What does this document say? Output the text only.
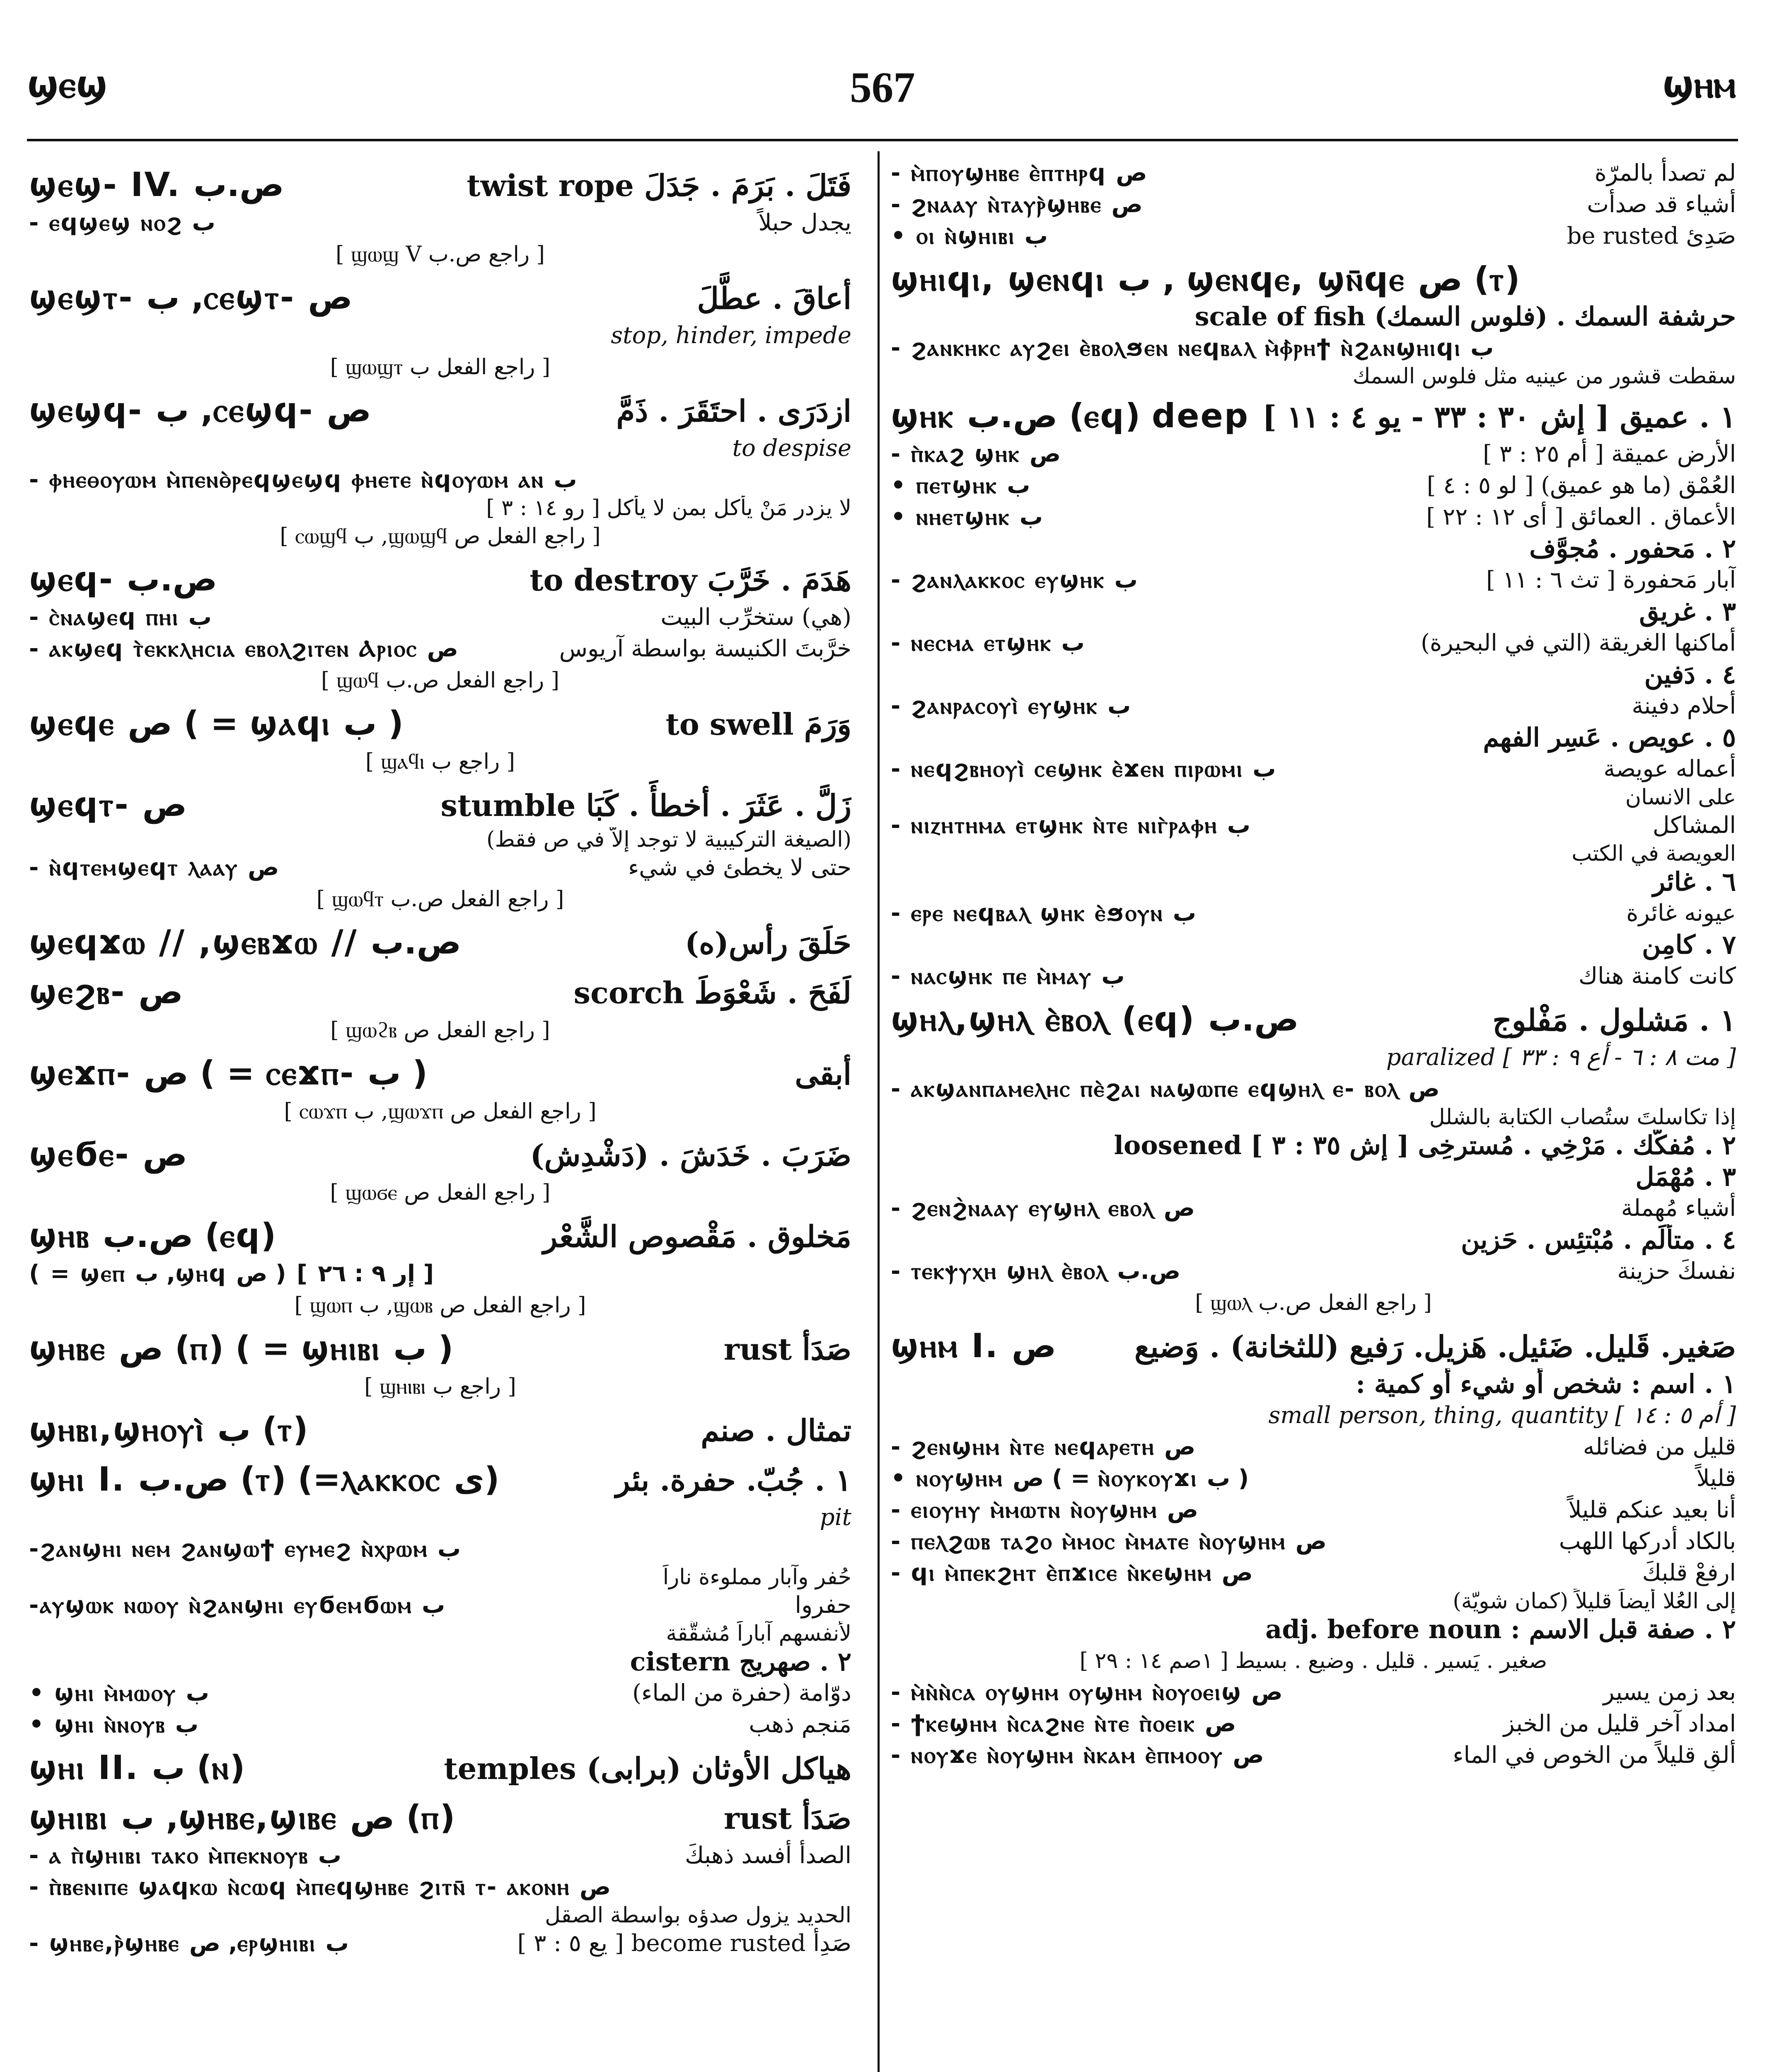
567
ϣⲉϣ	ϣⲏⲙ
ϣⲉϣ- IV. ص.ب	فَتَلَ . بَرَمَ . جَدَلَ twist rope
- ⲉϥϣⲉϣ ⲛⲟϩ ب	يجدل حبلاً
[ راجع ص.ب ϣⲱϣ V ]
ϣⲉϣⲧ- ب ,ⲥⲉϣⲧ- ص	أعاقَ . عطَّلَ
stop, hinder, impede
[ راجع الفعل ب ϣⲱϣⲧ ]
ϣⲉϣϥ- ب ,ⲥⲉϣϥ- ص	ازدَرَى . احتَقَرَ . ذَمَّ
to despise
- ⲫⲏⲉⲑⲟⲩⲱⲙ ⲙ̀ⲡⲉⲛⲑ̀ⲣⲉϥϣⲉϣϥ ⲫⲏⲉⲧⲉ ⲛ̀ϥⲟⲩⲱⲙ ⲁⲛ ب
لا يزدرِ مَنْ يأكل بمن لا يأكل [ رو ١٤ : ٣ ]
[ راجع الفعل ص ϣⲱϣϥ, ب ⲥⲱϣϥ ]
ϣⲉϥ- ص.ب	هَدَمَ . خَرَّبَ to destroy
- ⲥ̀ⲛⲁϣⲉϥ ⲡⲏⲓ ب	(هي) ستخرِّب البيت
- ⲁⲕϣⲉϥ ⲧ̀ⲉⲕⲕⲗⲏⲥⲓⲁ ⲉⲃⲟⲗϩⲓⲧⲉⲛ Ⲁⲣⲓⲟⲥ ص	خرَّبتَ الكنيسة بواسطة آريوس
[ راجع الفعل ص.ب ϣⲱϥ ]
ϣⲉϥⲉ ص ( = ϣⲁϥⲓ ب )	وَرَمَ to swell
[ راجع ب ϣⲁϥⲓ ]
ϣⲉϥⲧ- ص	زَلَّ . عَثَرَ . أخطأَ . كَبَا stumble
(الصيغة التركيبية لا توجد إلاّ في ص فقط)
- ⲛ̀ϥⲧⲉⲙϣⲉϥⲧ ⲗⲁⲁⲩ ص	حتى لا يخطئ في شيء
[ راجع الفعل ص.ب ϣⲱϥⲧ ]
ϣⲉϥϫⲱ // ,ϣⲉⲃϫⲱ // ص.ب	حَلَقَ رأس(ه)
ϣⲉϩⲃ- ص	لَفَحَ . شَعْوَطَ scorch
[ راجع الفعل ص ϣⲱϩⲃ ]
ϣⲉϫⲡ- ص ( = ⲥⲉϫⲡ- ب )	أبقى
[ راجع الفعل ص ϣⲱϫⲡ, ب ⲥⲱϫⲡ ]
ϣⲉϭⲉ- ص	ضَرَبَ . خَدَشَ . (دَشْدِش)
[ راجع الفعل ص ϣⲱϭⲉ ]
ϣⲏⲃ ص.ب (ⲉϥ)	مَخلوق . مَقْصوص الشَّعْر
( = ϣⲉⲡ ب ,ϣⲏϥ ص ) [ إر ٩ : ٢٦ ]
[ راجع الفعل ص ϣⲱⲃ, ب ϣⲱⲡ ]
ϣⲏⲃⲉ ص (ⲡ) ( = ϣⲏⲓⲃⲓ ب )	صَدَأ rust
[ راجع ب ϣⲏⲓⲃⲓ ]
ϣⲏⲃⲓ,ϣⲏⲟⲩⲓ̀ ب (ⲧ)	تمثال . صنم
ϣⲏⲓ I. ص.ب (ⲧ) (=ⲗⲁⲕⲕⲟⲥ ى)	١ . جُبّ. حفرة. بئر
pit
-ϩⲁⲛϣⲏⲓ ⲛⲉⲙ ϩⲁⲛϣⲱϯ ⲉⲩⲙⲉϩ ⲛ̀ⲭⲣⲱⲙ ب
حُفر وآبار مملوءة ناراً
-ⲁⲩϣⲱⲕ ⲛⲱⲟⲩ ⲛ̀ϩⲁⲛϣⲏⲓ ⲉⲩϭⲉⲙϭⲱⲙ ب	حفروا
لأنفسهم آباراً مُشقَّقة
٢ . صهريج cistern
• ϣⲏⲓ ⲙ̀ⲙⲱⲟⲩ ب	دوّامة (حفرة من الماء)
• ϣⲏⲓ ⲛ̀ⲛⲟⲩⲃ ب	مَنجم ذهب
ϣⲏⲓ II. ب (ⲛ)	هياكل الأوثان (برابى) temples
ϣⲏⲓⲃⲓ ب ,ϣⲏⲃⲉ,ϣⲓⲃⲉ ص (ⲡ)	صَدَأ rust
- ⲁ ⲡ̀ϣⲏⲓⲃⲓ ⲧⲁⲕⲟ ⲙ̀ⲡⲉⲕⲛⲟⲩⲃ ب	الصدأ أفسد ذهبكَ
- ⲡ̀ⲃⲉⲛⲓⲡⲉ ϣⲁϥⲕⲱ ⲛ̀ⲥⲱϥ ⲙ̀ⲡⲉϥϣⲏⲃⲉ ϩⲓⲧⲛ̄ ⲧ- ⲁⲕⲟⲛⲏ ص
الحديد يزول صدؤه بواسطة الصقل
- ϣⲏⲃⲉ,ⲣ̀ϣⲏⲃⲉ ص ,ⲉⲣϣⲏⲓⲃⲓ ب	صَدِأ become rusted [ يع ٥ : ٣ ]
- ⲙ̀ⲡⲟⲩϣⲏⲃⲉ ⲉ̀ⲡⲧⲏⲣϥ ص	لم تصدأ بالمرّة
- ϩⲛⲁⲁⲩ ⲛ̀ⲧⲁⲩⲣ̀ϣⲏⲃⲉ ص	أشياء قد صدأت
• ⲟⲓ ⲛ̀ϣⲏⲓⲃⲓ ب	صَدِئ be rusted
ϣⲏⲓϥⲓ, ϣⲉⲛϥⲓ ب , ϣⲉⲛϥⲉ, ϣⲛ̄ϥⲉ ص (ⲧ)
حرشفة السمك . (فلوس السمك) scale of fish
- ϩⲁⲛⲕⲏⲕⲥ ⲁⲩϩⲉⲓ ⲉ̀ⲃⲟⲗϧⲉⲛ ⲛⲉϥⲃⲁⲗ ⲙ̀ⲫ̀ⲣⲏϯ ⲛ̀ϩⲁⲛϣⲏⲓϥⲓ ب
سقطت قشور من عينيه مثل فلوس السمك
ϣⲏⲕ ص.ب (ⲉϥ) deep ١ . عميق [ إش ٣٠ : ٣٣ - يو ٤ : ١١ ]
- ⲡ̀ⲕⲁϩ ϣⲏⲕ ص	الأرض عميقة [ أم ٢٥ : ٣ ]
• ⲡⲉⲧϣⲏⲕ ب	العُمْق (ما هو عميق) [ لو ٥ : ٤ ]
• ⲛⲏⲉⲧϣⲏⲕ ب	الأعماق . العمائق [ أى ١٢ : ٢٢ ]
٢ . مَحفور . مُجوَّف
- ϩⲁⲛⲗⲁⲕⲕⲟⲥ ⲉⲩϣⲏⲕ ب	آبار مَحفورة [ تث ٦ : ١١ ]
٣ . غريق
- ⲛⲉⲥⲙⲁ ⲉⲧϣⲏⲕ ب	أماكنها الغريقة (التي في البحيرة)
٤ . دَفين
- ϩⲁⲛⲣⲁⲥⲟⲩⲓ̀ ⲉⲩϣⲏⲕ ب	أحلام دفينة
٥ . عويص . عَسِر الفهم
- ⲛⲉϥϩⲃⲏⲟⲩⲓ̀ ⲥⲉϣⲏⲕ ⲉ̀ϫⲉⲛ ⲡⲓⲣⲱⲙⲓ ب	أعماله عويصة
على الانسان
- ⲛⲓⲍⲏⲧⲏⲙⲁ ⲉⲧϣⲏⲕ ⲛ̀ⲧⲉ ⲛⲓⲅ̀ⲣⲁⲫⲏ ب	المشاكل
العويصة في الكتب
٦ . غائر
- ⲉⲣⲉ ⲛⲉϥⲃⲁⲗ ϣⲏⲕ ⲉ̀ϧⲟⲩⲛ ب	عيونه غائرة
٧ . كامِن
- ⲛⲁⲥϣⲏⲕ ⲡⲉ ⲙ̀ⲙⲁⲩ ب	كانت كامنة هناك
ϣⲏⲗ,ϣⲏⲗ ⲉ̀ⲃⲟⲗ (ⲉϥ) ص.ب	١ . مَشلول . مَفْلوج
paralized [ مت ٨ : ٦ - أع ٩ : ٣٣ ]
- ⲁⲕϣⲁⲛⲡⲁⲙⲉⲗⲏⲥ ⲡⲉ̀ϩⲁⲓ ⲛⲁϣⲱⲡⲉ ⲉϥϣⲏⲗ ⲉ- ⲃⲟⲗ ص
إذا تكاسلتَ ستُصاب الكتابة بالشلل
٢ . مُفكَّك . مَرْخِي . مُسترخِى [ إش ٣٥ : ٣ ] loosened
٣ . مُهْمَل
- ϩⲉⲛϩ̀ⲛⲁⲁⲩ ⲉⲩϣⲏⲗ ⲉⲃⲟⲗ ص	أشياء مُهملة
٤ . متألِّم . مُبْتئِس . حَزين
- ⲧⲉⲕⲯⲩⲭⲏ ϣⲏⲗ ⲉ̀ⲃⲟⲗ ص.ب	نفسكَ حزينة
[ راجع الفعل ص.ب ϣⲱⲗ ]
ϣⲏⲙ I. ص	صَغير. قَليل. ضَئيل. هَزيل. رَفيع (للثخانة) . وَضيع
١ . اسم : شخص أو شيء أو كمية :
small person, thing, quantity [ أم ٥ : ١٤ ]
- ϩⲉⲛϣⲏⲙ ⲛ̀ⲧⲉ ⲛⲉϥⲁⲣⲉⲧⲏ ص	قليل من فضائله
• ⲛⲟⲩϣⲏⲙ ص ( = ⲛ̀ⲟⲩⲕⲟⲩϫⲓ ب )	قليلاً
- ⲉⲓⲟⲩⲏⲩ ⲙ̀ⲙⲱⲧⲛ ⲛ̀ⲟⲩϣⲏⲙ ص	أنا بعيد عنكم قليلاً
- ⲡⲉⲗϩⲱⲃ ⲧⲁϩⲟ ⲙ̀ⲙⲟⲥ ⲙ̀ⲙⲁⲧⲉ ⲛ̀ⲟⲩϣⲏⲙ ص	بالكاد أدركها اللهب
- ϥⲓ ⲙ̀ⲡⲉⲕϩⲏⲧ ⲉ̀ⲡϫⲓⲥⲉ ⲛ̀ⲕⲉϣⲏⲙ ص	ارفعْ قلبكَ
إلى العُلا أيضاً قليلاً (كمان شويّة)
٢ . صفة قبل الاسم : adj. before noun
صغير . يَسير . قليل . وضيع . بسيط [ ١صم ١٤ : ٢٩ ]
- ⲙ̀ⲛ̀ⲛ̀ⲥⲁ ⲟⲩϣⲏⲙ ⲟⲩϣⲏⲙ ⲛ̀ⲟⲩⲟⲉⲓϣ ص	بعد زمن يسير
- ϯⲕⲉϣⲏⲙ ⲛ̀ⲥⲁϩⲛⲉ ⲛ̀ⲧⲉ ⲡ̀ⲟⲉⲓⲕ ص	امداد آخر قليل من الخبز
- ⲛⲟⲩϫⲉ ⲛ̀ⲟⲩϣⲏⲙ ⲛ̀ⲕⲁⲙ ⲉ̀ⲡⲙⲟⲟⲩ ص	ألقِ قليلاً من الخوص في الماء
